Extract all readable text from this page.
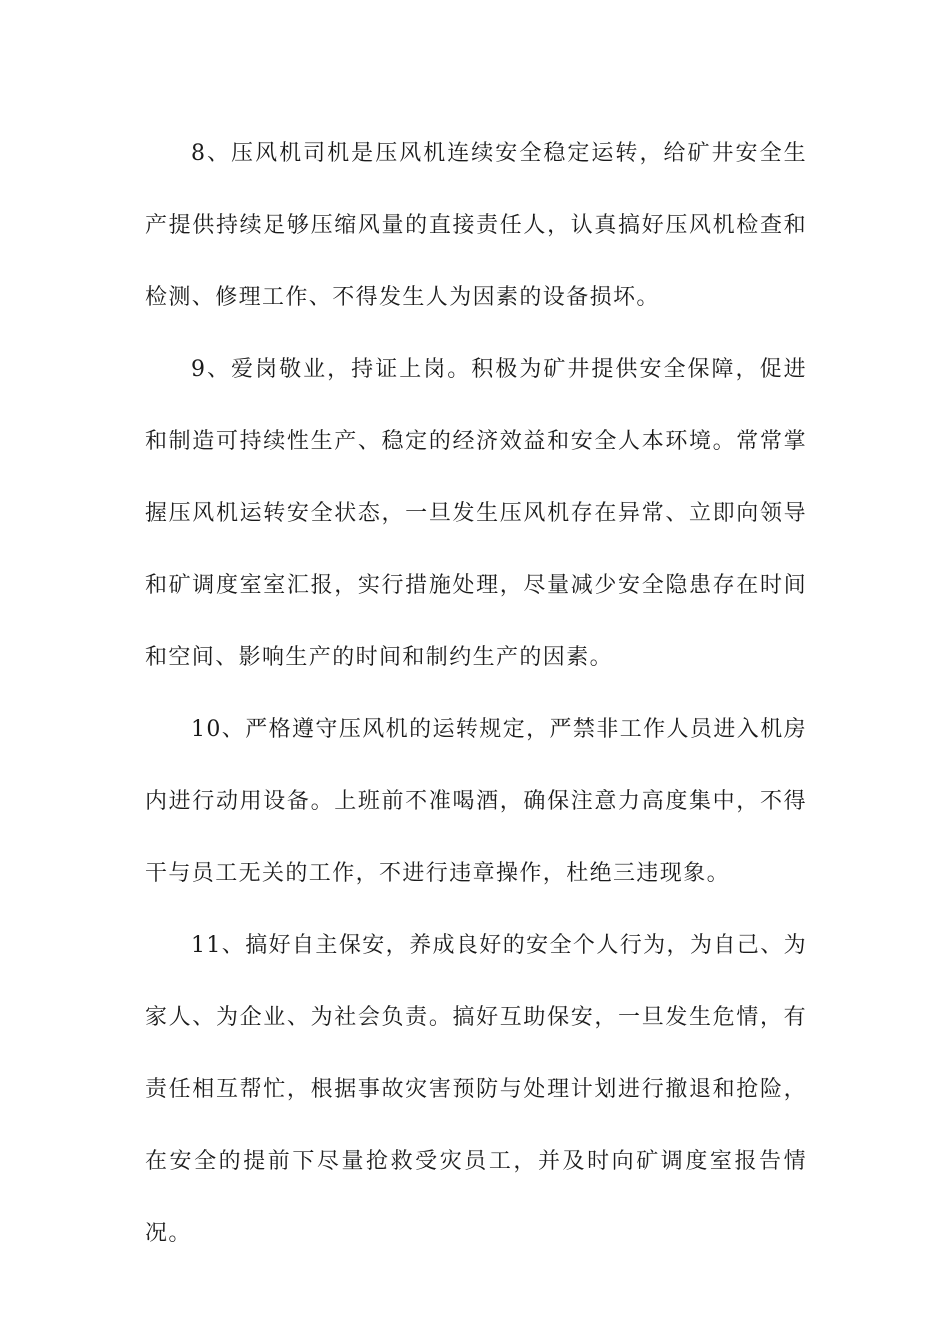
8、压风机司机是压风机连续安全稳定运转，给矿井安全生产提供持续足够压缩风量的直接责任人，认真搞好压风机检查和检测、修理工作、不得发生人为因素的设备损坏。

9、爱岗敬业，持证上岗。积极为矿井提供安全保障，促进和制造可持续性生产、稳定的经济效益和安全人本环境。常常掌握压风机运转安全状态，一旦发生压风机存在异常、立即向领导和矿调度室室汇报，实行措施处理，尽量减少安全隐患存在时间和空间、影响生产的时间和制约生产的因素。

10、严格遵守压风机的运转规定，严禁非工作人员进入机房内进行动用设备。上班前不准喝酒，确保注意力高度集中，不得干与员工无关的工作，不进行违章操作，杜绝三违现象。

11、搞好自主保安，养成良好的安全个人行为，为自己、为家人、为企业、为社会负责。搞好互助保安，一旦发生危情，有责任相互帮忙，根据事故灾害预防与处理计划进行撤退和抢险，在安全的提前下尽量抢救受灾员工，并及时向矿调度室报告情况。
